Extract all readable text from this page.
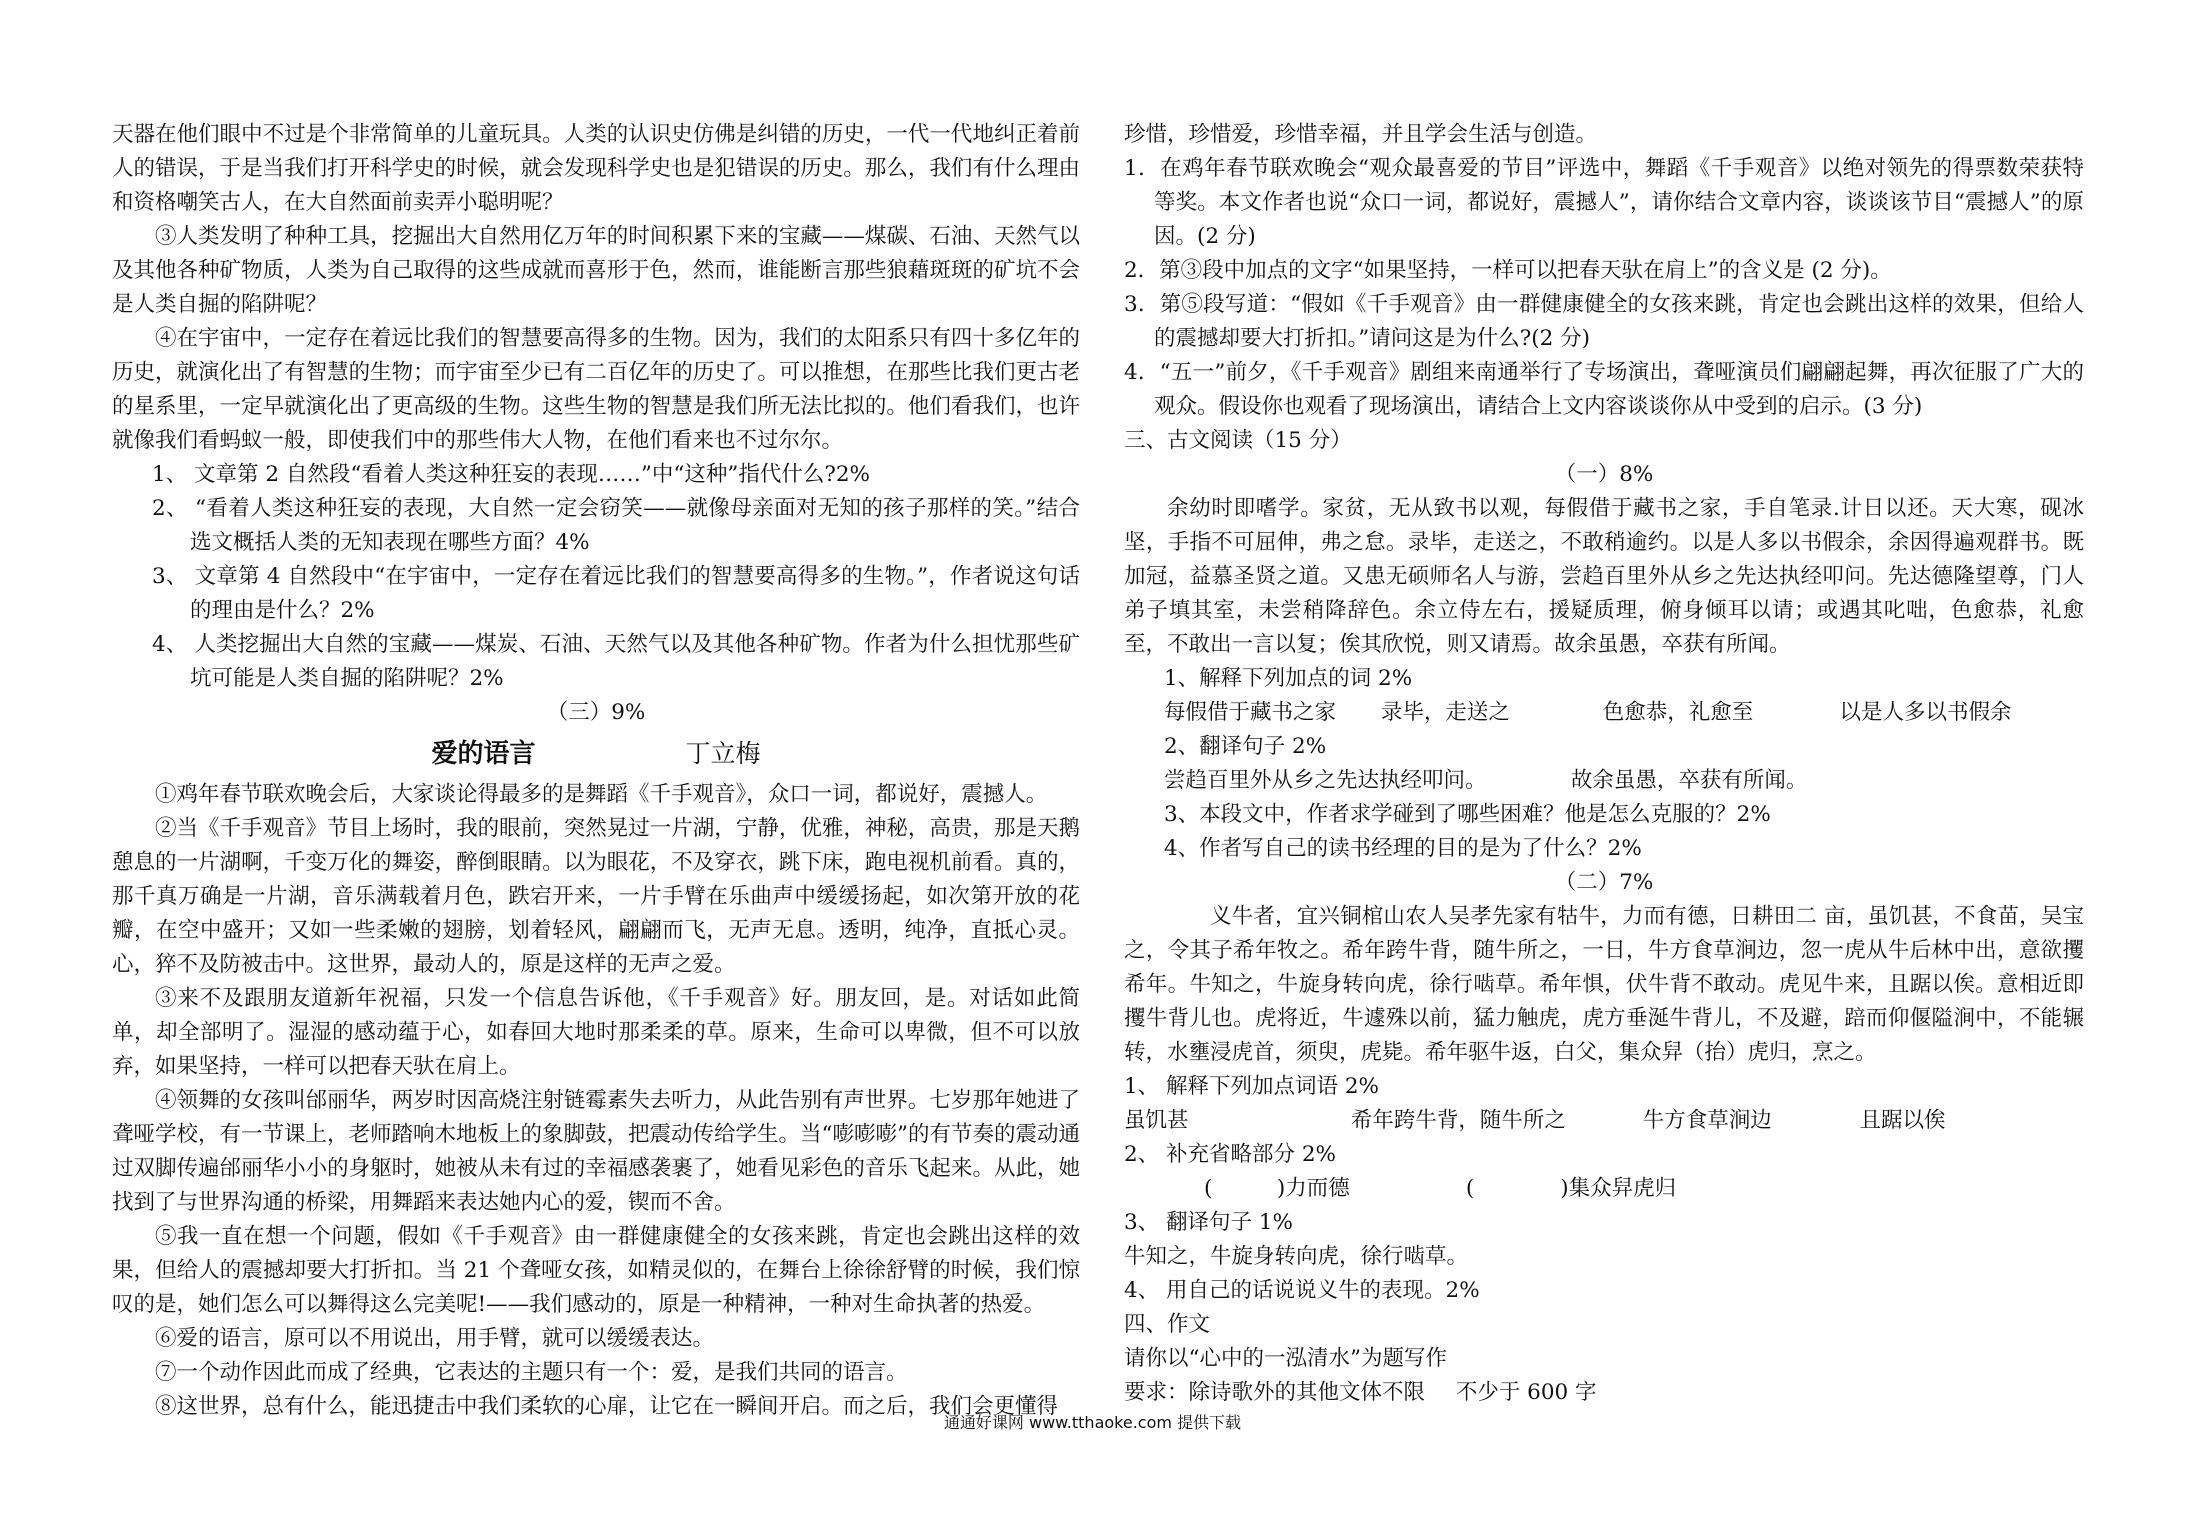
天器在他们眼中不过是个非常简单的儿童玩具。人类的认识史仿佛是纠错的历史，一代一代地纠正着前人的错误，于是当我们打开科学史的时候，就会发现科学史也是犯错误的历史。那么，我们有什么理由和资格嘲笑古人，在大自然面前卖弄小聪明呢？

③人类发明了种种工具，挖掘出大自然用亿万年的时间积累下来的宝藏——煤碳、石油、天然气以及其他各种矿物质，人类为自己取得的这些成就而喜形于色，然而，谁能断言那些狼藉斑斑的矿坑不会是人类自掘的陷阱呢？

④在宇宙中，一定存在着远比我们的智慧要高得多的生物。因为，我们的太阳系只有四十多亿年的历史，就演化出了有智慧的生物；而宇宙至少已有二百亿年的历史了。可以推想，在那些比我们更古老的星系里，一定早就演化出了更高级的生物。这些生物的智慧是我们所无法比拟的。他们看我们，也许就像我们看蚂蚁一般，即使我们中的那些伟大人物，在他们看来也不过尔尔。

1、 文章第 2 自然段“看着人类这种狂妄的表现……”中“这种”指代什么?2%

2、 “看着人类这种狂妄的表现，大自然一定会窃笑——就像母亲面对无知的孩子那样的笑。”结合选文概括人类的无知表现在哪些方面？4%

3、 文章第 4 自然段中“在宇宙中，一定存在着远比我们的智慧要高得多的生物。”，作者说这句话的理由是什么？2%

4、 人类挖掘出大自然的宝藏——煤炭、石油、天然气以及其他各种矿物。作者为什么担忧那些矿坑可能是人类自掘的陷阱呢？2%

（三）9%

爱的语言	丁立梅

①鸡年春节联欢晚会后，大家谈论得最多的是舞蹈《千手观音》，众口一词，都说好，震撼人。

②当《千手观音》节目上场时，我的眼前，突然晃过一片湖，宁静，优雅，神秘，高贵，那是天鹅憩息的一片湖啊，千变万化的舞姿，醉倒眼睛。以为眼花，不及穿衣，跳下床，跑电视机前看。真的，那千真万确是一片湖，音乐满载着月色，跌宕开来，一片手臂在乐曲声中缓缓扬起，如次第开放的花瓣，在空中盛开；又如一些柔嫩的翅膀，划着轻风，翩翩而飞，无声无息。透明，纯净，直抵心灵。心，猝不及防被击中。这世界，最动人的，原是这样的无声之爱。

③来不及跟朋友道新年祝福，只发一个信息告诉他，《千手观音》好。朋友回，是。对话如此简单，却全部明了。湿湿的感动蕴于心，如春回大地时那柔柔的草。原来，生命可以卑微，但不可以放弃，如果坚持，一样可以把春天驮在肩上。

④领舞的女孩叫邰丽华，两岁时因高烧注射链霉素失去听力，从此告别有声世界。七岁那年她进了聋哑学校，有一节课上，老师踏响木地板上的象脚鼓，把震动传给学生。当“嘭嘭嘭”的有节奏的震动通过双脚传遍邰丽华小小的身躯时，她被从未有过的幸福感袭裹了，她看见彩色的音乐飞起来。从此，她找到了与世界沟通的桥梁，用舞蹈来表达她内心的爱，锲而不舍。

⑤我一直在想一个问题，假如《千手观音》由一群健康健全的女孩来跳，肯定也会跳出这样的效果，但给人的震撼却要大打折扣。当 21 个聋哑女孩，如精灵似的，在舞台上徐徐舒臂的时候，我们惊叹的是，她们怎么可以舞得这么完美呢!——我们感动的，原是一种精神，一种对生命执著的热爱。

⑥爱的语言，原可以不用说出，用手臂，就可以缓缓表达。

⑦一个动作因此而成了经典，它表达的主题只有一个：爱，是我们共同的语言。

⑧这世界，总有什么，能迅捷击中我们柔软的心扉，让它在一瞬间开启。而之后，我们会更懂得

珍惜，珍惜爱，珍惜幸福，并且学会生活与创造。

1．在鸡年春节联欢晚会“观众最喜爱的节目”评选中，舞蹈《千手观音》以绝对领先的得票数荣获特等奖。本文作者也说“众口一词，都说好，震撼人”，请你结合文章内容，谈谈该节目“震撼人”的原因。(2 分)

2．第③段中加点的文字“如果坚持，一样可以把春天驮在肩上”的含义是 (2 分)。

3．第⑤段写道：“假如《千手观音》由一群健康健全的女孩来跳，肯定也会跳出这样的效果，但给人的震撼却要大打折扣。”请问这是为什么?(2 分)

4．“五一”前夕，《千手观音》剧组来南通举行了专场演出，聋哑演员们翩翩起舞，再次征服了广大的观众。假设你也观看了现场演出，请结合上文内容谈谈你从中受到的启示。(3 分)

三、古文阅读（15 分）

（一）8%

余幼时即嗜学。家贫，无从致书以观，每假借于藏书之家，手自笔录.计日以还。天大寒，砚冰坚，手指不可屈伸，弗之怠。录毕，走送之，不敢稍逾约。以是人多以书假余，余因得遍观群书。既加冠，益慕圣贤之道。又患无硕师名人与游，尝趋百里外从乡之先达执经叩问。先达德隆望尊，门人弟子填其室，未尝稍降辞色。余立侍左右，援疑质理，俯身倾耳以请；或遇其叱咄，色愈恭，礼愈至，不敢出一言以复；俟其欣悦，则又请焉。故余虽愚，卒获有所闻。

1、解释下列加点的词 2%

每假借于藏书之家 录毕，走送之	色愈恭，礼愈至	以是人多以书假余

2、翻译句子 2%

尝趋百里外从乡之先达执经叩问。	故余虽愚，卒获有所闻。

3、本段文中，作者求学碰到了哪些困难？他是怎么克服的？2%

4、作者写自己的读书经理的目的是为了什么？2%

（二）7%

义牛者，宜兴铜棺山农人吴孝先家有牯牛，力而有德，日耕田二 亩，虽饥甚，不食苗，吴宝之，令其子希年牧之。希年跨牛背，随牛所之，一日，牛方食草涧边，忽一虎从牛后林中出，意欲攫希年。牛知之，牛旋身转向虎，徐行啮草。希年惧，伏牛背不敢动。虎见牛来，且踞以俟。意相近即攫牛背儿也。虎将近，牛遽殊以前，猛力触虎，虎方垂涎牛背儿，不及避，踣而仰偃隘涧中，不能辗转，水壅浸虎首，须臾，虎毙。希年驱牛返，白父，集众舁（抬）虎归，烹之。

1、 解释下列加点词语 2%

虽饥甚	希年跨牛背，随牛所之	牛方食草涧边	且踞以俟

2、 补充省略部分 2%

(　　　)力而德	(　　　　)集众舁虎归

3、 翻译句子 1%

牛知之，牛旋身转向虎，徐行啮草。

4、 用自己的话说说义牛的表现。2%

四、作文

请你以“心中的一泓清水”为题写作

要求：除诗歌外的其他文体不限 不少于 600 字
通通好课网 www.tthaoke.com 提供下载
